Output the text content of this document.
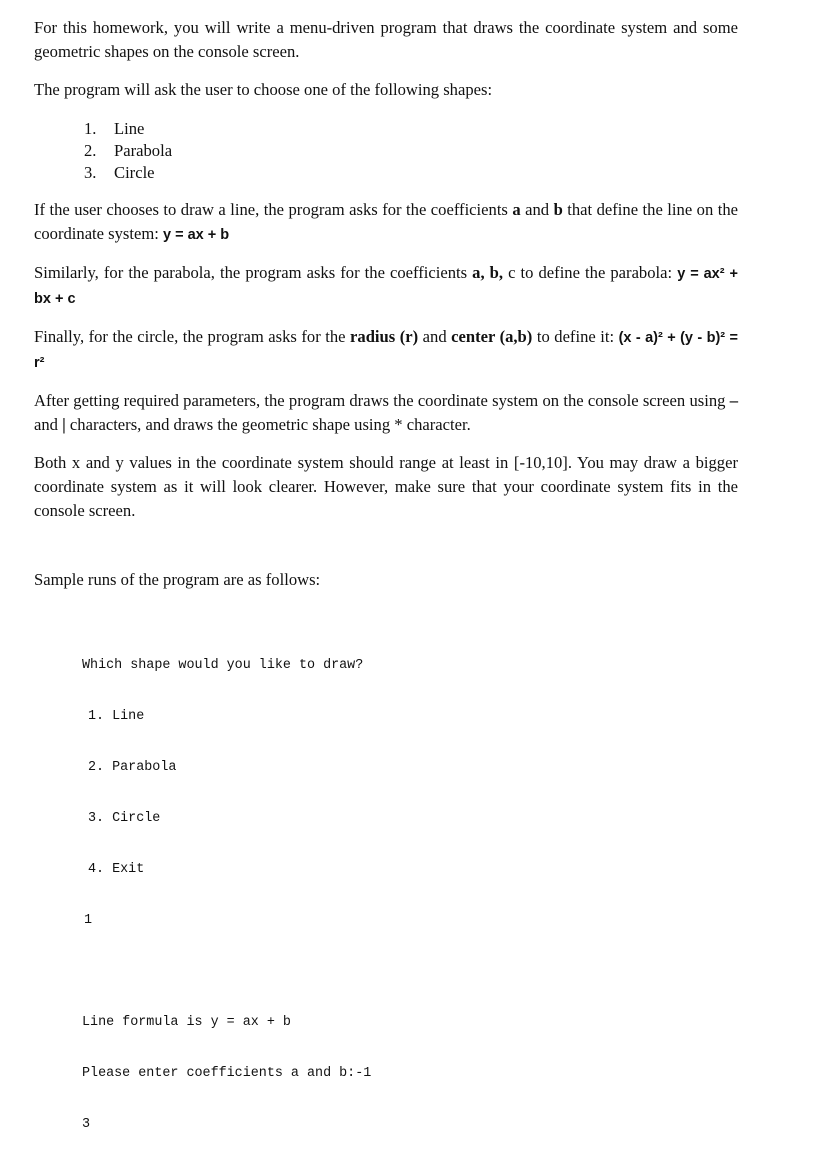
For this homework, you will write a menu-driven program that draws the coordinate system and some geometric shapes on the console screen.

The program will ask the user to choose one of the following shapes:

1. Line
2. Parabola
3. Circle

If the user chooses to draw a line, the program asks for the coefficients a and b that define the line on the coordinate system: y = ax + b

Similarly, for the parabola, the program asks for the coefficients a, b, c to define the parabola: y = ax² + bx + c

Finally, for the circle, the program asks for the radius (r) and center (a,b) to define it: (x - a)² + (y - b)² = r²

After getting required parameters, the program draws the coordinate system on the console screen using – and | characters, and draws the geometric shape using * character.

Both x and y values in the coordinate system should range at least in [-10,10]. You may draw a bigger coordinate system as it will look clearer. However, make sure that your coordinate system fits in the console screen.

Sample runs of the program are as follows:

Which shape would you like to draw?

1. Line

2. Parabola

3. Circle

4. Exit

1

Line formula is y = ax + b

Please enter coefficients a and b:-1

3
